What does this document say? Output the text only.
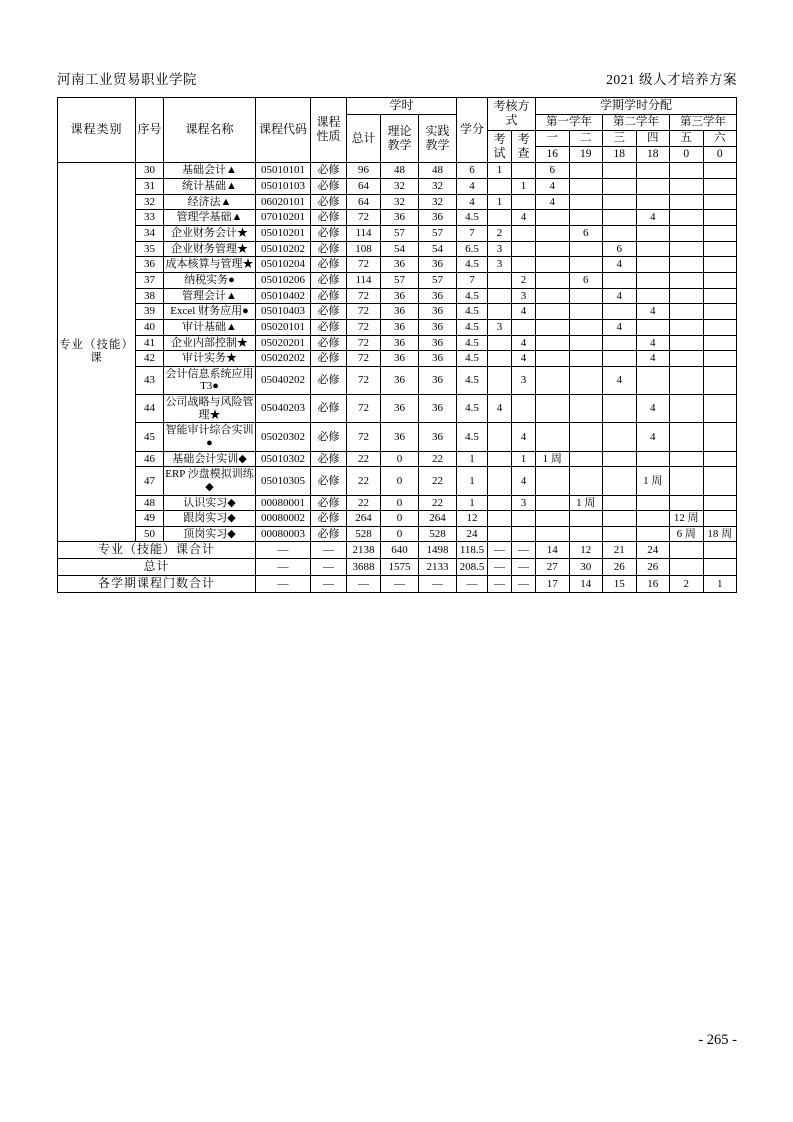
河南工业贸易职业学院	2021 级人才培养方案
课程类别	序号	课程名称	课程代码	课程性质	学时			学分	考核方式		学期学时分配					
					总计	理论教学	实践教学				第一学年		第二学年		第三学年	
									考试	考查	一	二	三	四	五	六
											16	19	18	18	0	0
专业（技能）课	30	基础会计▲	05010101	必修	96	48	48	6	1		6					
	31	统计基础▲	05010103	必修	64	32	32	4		1	4					
	32	经济法▲	06020101	必修	64	32	32	4	1		4					
	33	管理学基础▲	07010201	必修	72	36	36	4.5		4				4		
	34	企业财务会计★	05010201	必修	114	57	57	7	2			6				
	35	企业财务管理★	05010202	必修	108	54	54	6.5	3				6			
	36	成本核算与管理★	05010204	必修	72	36	36	4.5	3				4			
	37	纳税实务●	05010206	必修	114	57	57	7		2		6				
	38	管理会计▲	05010402	必修	72	36	36	4.5		3			4			
	39	Excel 财务应用●	05010403	必修	72	36	36	4.5		4				4		
	40	审计基础▲	05020101	必修	72	36	36	4.5	3				4			
	41	企业内部控制★	05020201	必修	72	36	36	4.5		4				4		
	42	审计实务★	05020202	必修	72	36	36	4.5		4				4		
	43	会计信息系统应用 T3●	05040202	必修	72	36	36	4.5		3			4			
	44	公司战略与风险管理★	05040203	必修	72	36	36	4.5	4					4		
	45	智能审计综合实训●	05020302	必修	72	36	36	4.5		4				4		
	46	基础会计实训◆	05010302	必修	22	0	22	1		1	1 周					
	47	ERP 沙盘模拟训练◆	05010305	必修	22	0	22	1		4				1 周		
	48	认识实习◆	00080001	必修	22	0	22	1		3		1 周				
	49	跟岗实习◆	00080002	必修	264	0	264	12							12 周	
	50	顶岗实习◆	00080003	必修	528	0	528	24							6 周	18 周
专业（技能）课合计			—	—	2138	640	1498	118.5	—	—	14	12	21	24		
总计			—	—	3688	1575	2133	208.5	—	—	27	30	26	26		
各学期课程门数合计			—	—	—	—	—	—	—	—	17	14	15	16	2	1
- 265 -
